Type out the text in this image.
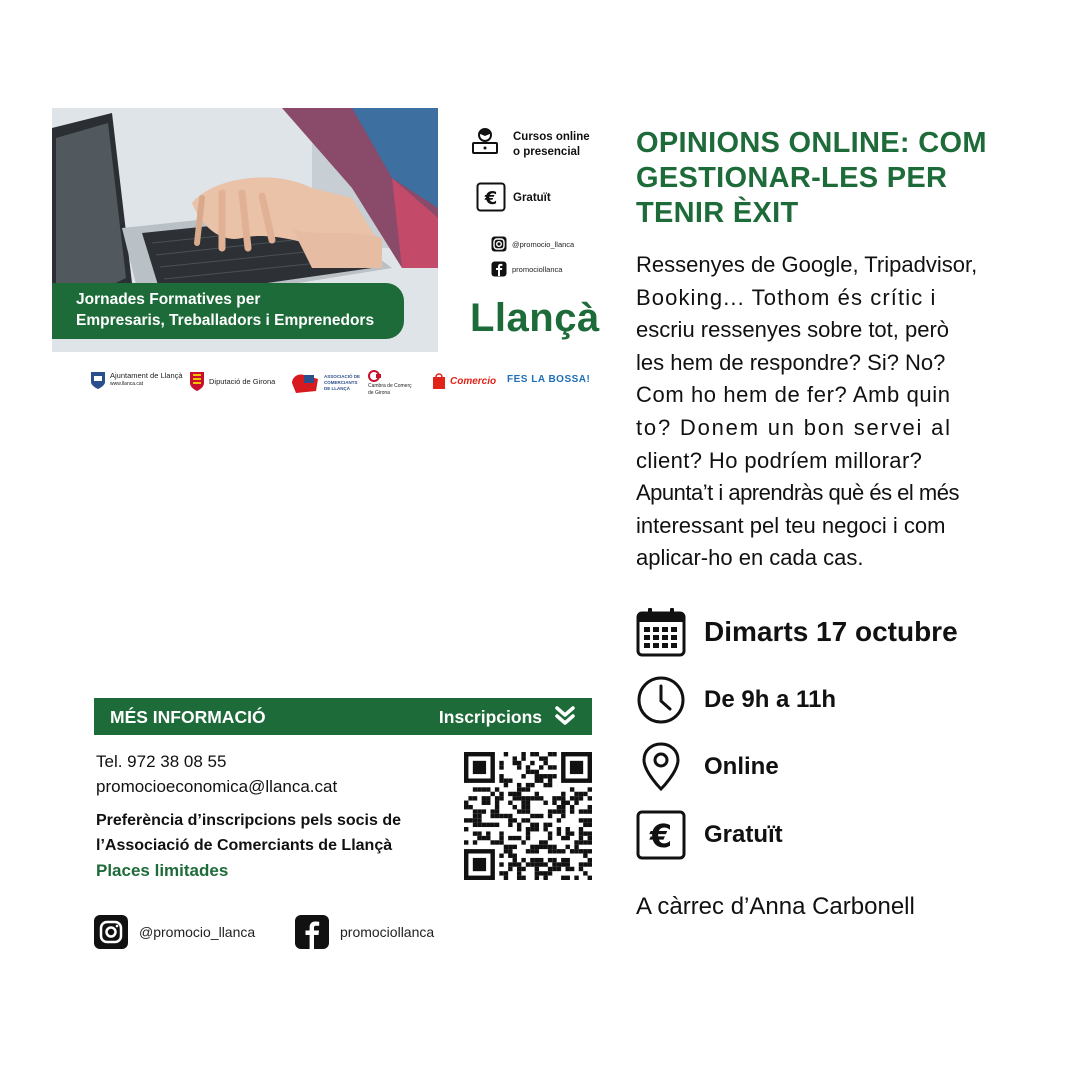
Jornades Formatives per
Empresaris, Treballadors i Emprenedors
Cursos online
o presencial
€ Gratuït
@promocio_llanca
promociollanca
Llançà
Ajuntament de Llançà
www.llanca.cat	Diputació de Girona	ASSOCIACIÓ DE
COMERCIANTS
DE LLANÇÀ	Cambra de Comerç
de Girona
Comercio FES LA BOSSA!
OPINIONS ONLINE: COM
GESTIONAR-LES PER
TENIR ÈXIT
Ressenyes de Google, Tripadvisor,
Booking... Tothom és crític i
escriu ressenyes sobre tot, però
les hem de respondre? Si? No?
Com ho hem de fer? Amb quin
to? Donem un bon servei al
client? Ho podríem millorar?
Apunta’t i aprendràs què és el més
interessant pel teu negoci i com
aplicar-ho en cada cas.
Dimarts 17 octubre
De 9h a 11h
Online
€ Gratuït
A càrrec d’Anna Carbonell
MÉS INFORMACIÓ	Inscripcions
Tel. 972 38 08 55
promocioeconomica@llanca.cat
Preferència d’inscripcions pels socis de
l’Associació de Comerciants de Llançà
Places limitades
@promocio_llanca	promociollanca
